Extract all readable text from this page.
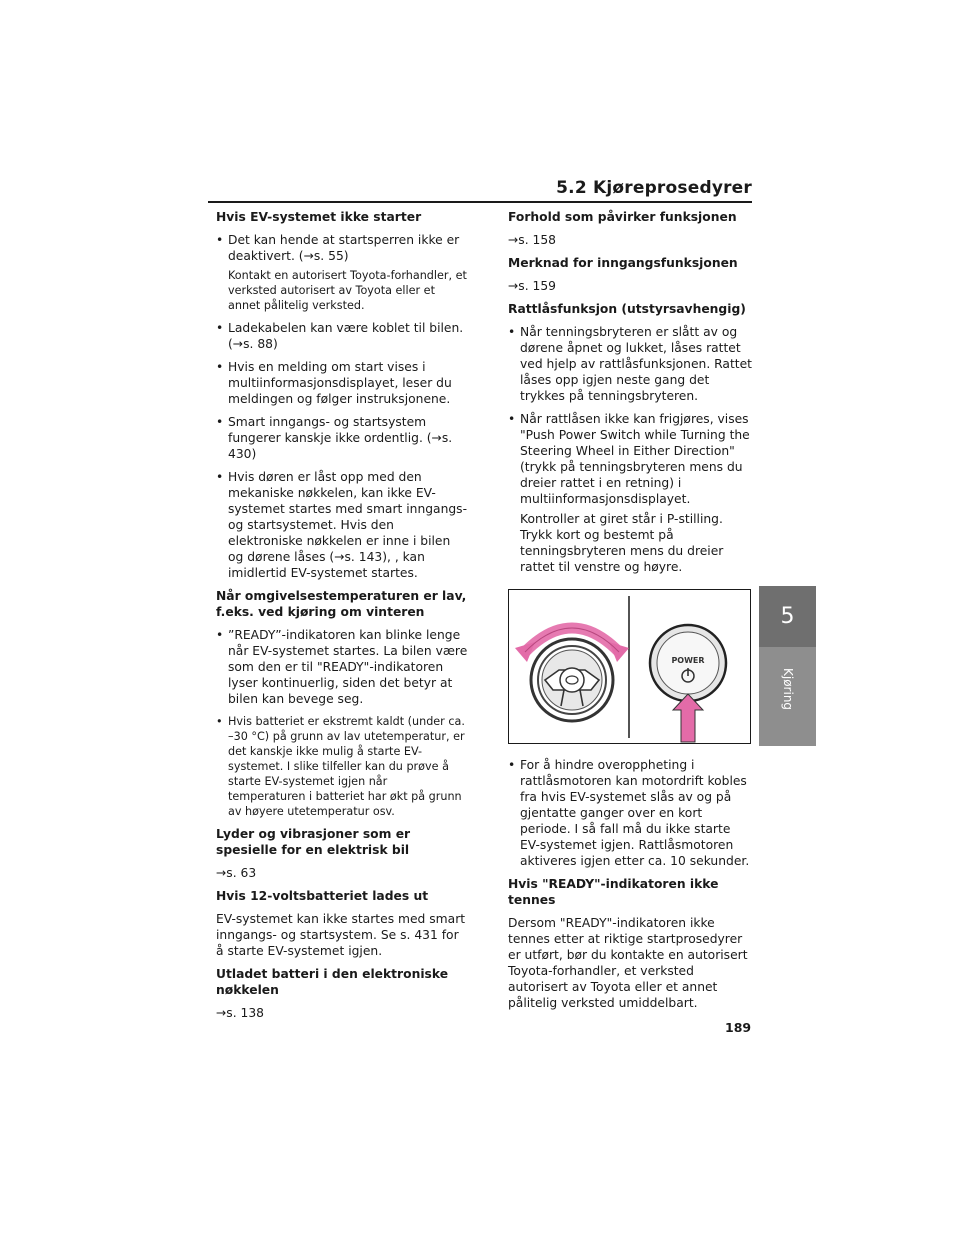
5.2 Kjøreprosedyrer
5
Kjøring
Hvis EV-systemet ikke starter
• Det kan hende at startsperren ikke er deaktivert. (→s. 55)
Kontakt en autorisert Toyota-forhandler, et verksted autorisert av Toyota eller et annet pålitelig verksted.
• Ladekabelen kan være koblet til bilen. (→s. 88)
• Hvis en melding om start vises i multiinformasjonsdisplayet, leser du meldingen og følger instruksjonene.
• Smart inngangs- og startsystem fungerer kanskje ikke ordentlig. (→s. 430)
• Hvis døren er låst opp med den mekaniske nøkkelen, kan ikke EV-systemet startes med smart inngangs- og startsystemet. Hvis den elektroniske nøkkelen er inne i bilen og dørene låses (→s. 143), , kan imidlertid EV-systemet startes.
Når omgivelsestemperaturen er lav, f.eks. ved kjøring om vinteren
• ”READY”-indikatoren kan blinke lenge når EV-systemet startes. La bilen være som den er til "READY"-indikatoren lyser kontinuerlig, siden det betyr at bilen kan bevege seg.
• Hvis batteriet er ekstremt kaldt (under ca. –30 °C) på grunn av lav utetemperatur, er det kanskje ikke mulig å starte EV-systemet. I slike tilfeller kan du prøve å starte EV-systemet igjen når temperaturen i batteriet har økt på grunn av høyere utetemperatur osv.
Lyder og vibrasjoner som er spesielle for en elektrisk bil
→s. 63
Hvis 12-voltsbatteriet lades ut
EV-systemet kan ikke startes med smart inngangs- og startsystem. Se s. 431 for å starte EV-systemet igjen.
Utladet batteri i den elektroniske nøkkelen
→s. 138
Forhold som påvirker funksjonen
→s. 158
Merknad for inngangsfunksjonen
→s. 159
Rattlåsfunksjon (utstyrsavhengig)
• Når tenningsbryteren er slått av og dørene åpnet og lukket, låses rattet ved hjelp av rattlåsfunksjonen. Rattet låses opp igjen neste gang det trykkes på tenningsbryteren.
• Når rattlåsen ikke kan frigjøres, vises "Push Power Switch while Turning the Steering Wheel in Either Direction" (trykk på tenningsbryteren mens du dreier rattet i en retning) i multiinformasjonsdisplayet.
Kontroller at giret står i P-stilling. Trykk kort og bestemt på tenningsbryteren mens du dreier rattet til venstre og høyre.
POWER
• For å hindre overoppheting i rattlåsmotoren kan motordrift kobles fra hvis EV-systemet slås av og på gjentatte ganger over en kort periode. I så fall må du ikke starte EV-systemet igjen. Rattlåsmotoren aktiveres igjen etter ca. 10 sekunder.
Hvis "READY"-indikatoren ikke tennes
Dersom "READY"-indikatoren ikke tennes etter at riktige startprosedyrer er utført, bør du kontakte en autorisert Toyota-forhandler, et verksted autorisert av Toyota eller et annet pålitelig verksted umiddelbart.
189
